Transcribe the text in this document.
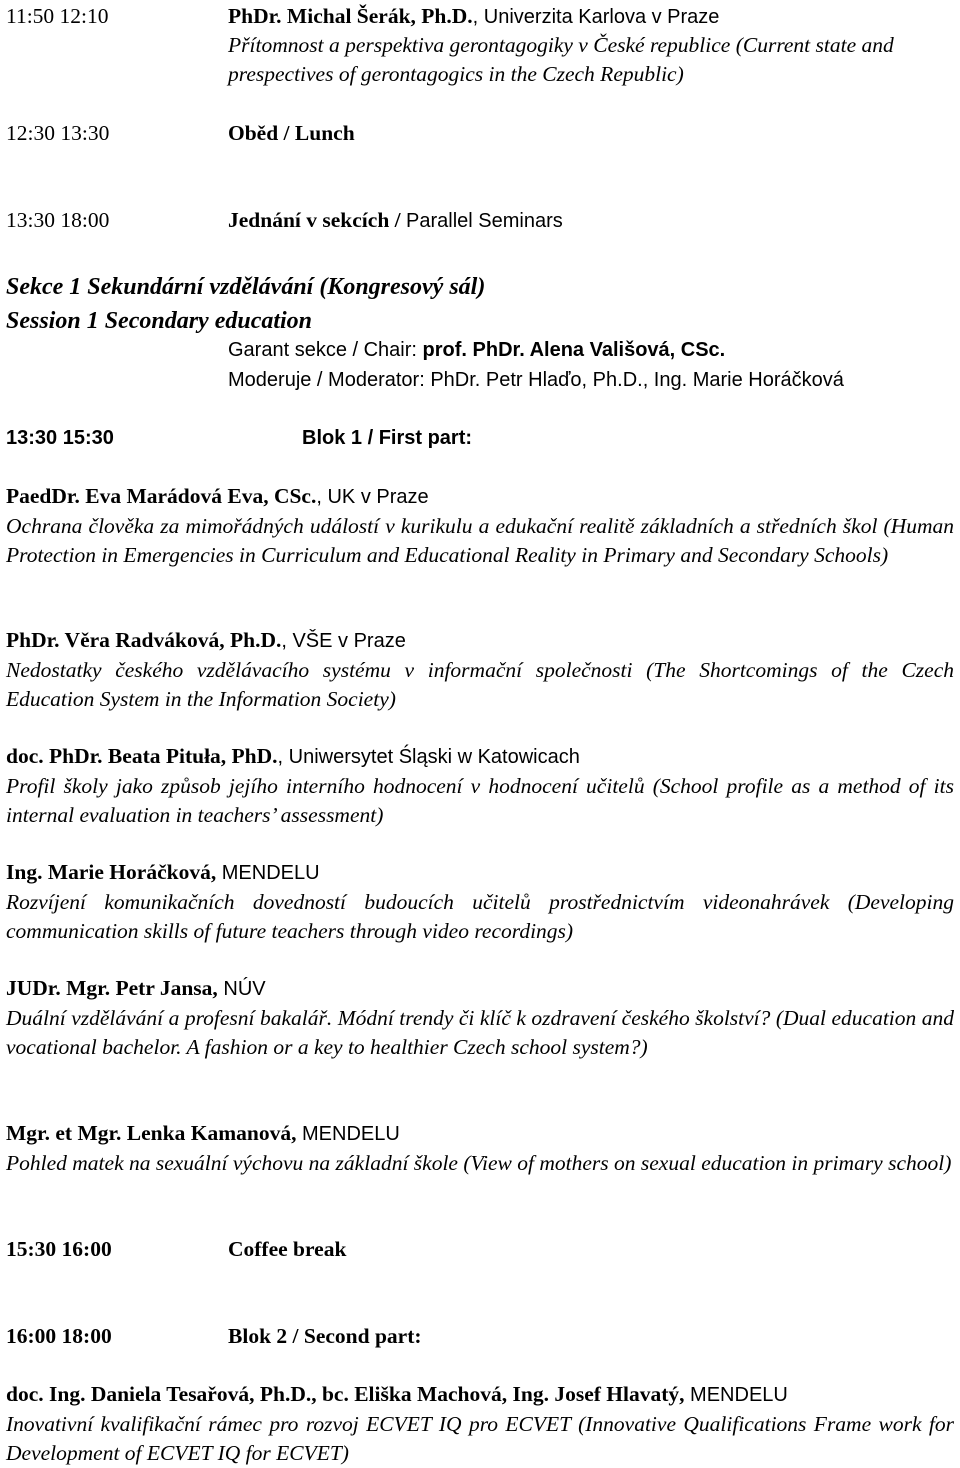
11:50 12:10	PhDr. Michal Šerák, Ph.D., Univerzita Karlova v Praze
Přítomnost a perspektiva gerontagogiky v České republice (Current state and prespectives of gerontagogics in the Czech Republic)
12:30 13:30	Oběd / Lunch
13:30 18:00	Jednání v sekcích / Parallel Seminars
Sekce 1 Sekundární vzdělávání (Kongresový sál)
Session 1 Secondary education
Garant sekce / Chair: prof. PhDr. Alena Vališová, CSc.
Moderuje / Moderator: PhDr. Petr Hlaďo, Ph.D., Ing. Marie Horáčková
13:30 15:30	Blok 1 / First part:
PaedDr. Eva Marádová Eva, CSc., UK v Praze
Ochrana člověka za mimořádných událostí v kurikulu a edukační realitě základních a středních škol (Human Protection in Emergencies in Curriculum and Educational Reality in Primary and Secondary Schools)
PhDr. Věra Radváková, Ph.D., VŠE v Praze
Nedostatky českého vzdělávacího systému v informační společnosti (The Shortcomings of the Czech Education System in the Information Society)
doc. PhDr. Beata Pituła, PhD., Uniwersytet Śląski w Katowicach
Profil školy jako způsob jejího interního hodnocení v hodnocení učitelů (School profile as a method of its internal evaluation in teachers’ assessment)
Ing. Marie Horáčková, MENDELU
Rozvíjení komunikačních dovedností budoucích učitelů prostřednictvím videonahrávek (Developing communication skills of future teachers through video recordings)
JUDr. Mgr. Petr Jansa, NÚV
Duální vzdělávání a profesní bakalář. Módní trendy či klíč k ozdravení českého školství? (Dual education and vocational bachelor. A fashion or a key to healthier Czech school system?)
Mgr. et Mgr. Lenka Kamanová, MENDELU
Pohled matek na sexuální výchovu na základní škole (View of mothers on sexual education in primary school)
15:30 16:00	Coffee break
16:00 18:00	Blok 2 / Second part:
doc. Ing. Daniela Tesařová, Ph.D., bc. Eliška Machová, Ing. Josef Hlavatý, MENDELU
Inovativní kvalifikační rámec pro rozvoj ECVET IQ pro ECVET (Innovative Qualifications Frame work for Development of ECVET IQ for ECVET)
